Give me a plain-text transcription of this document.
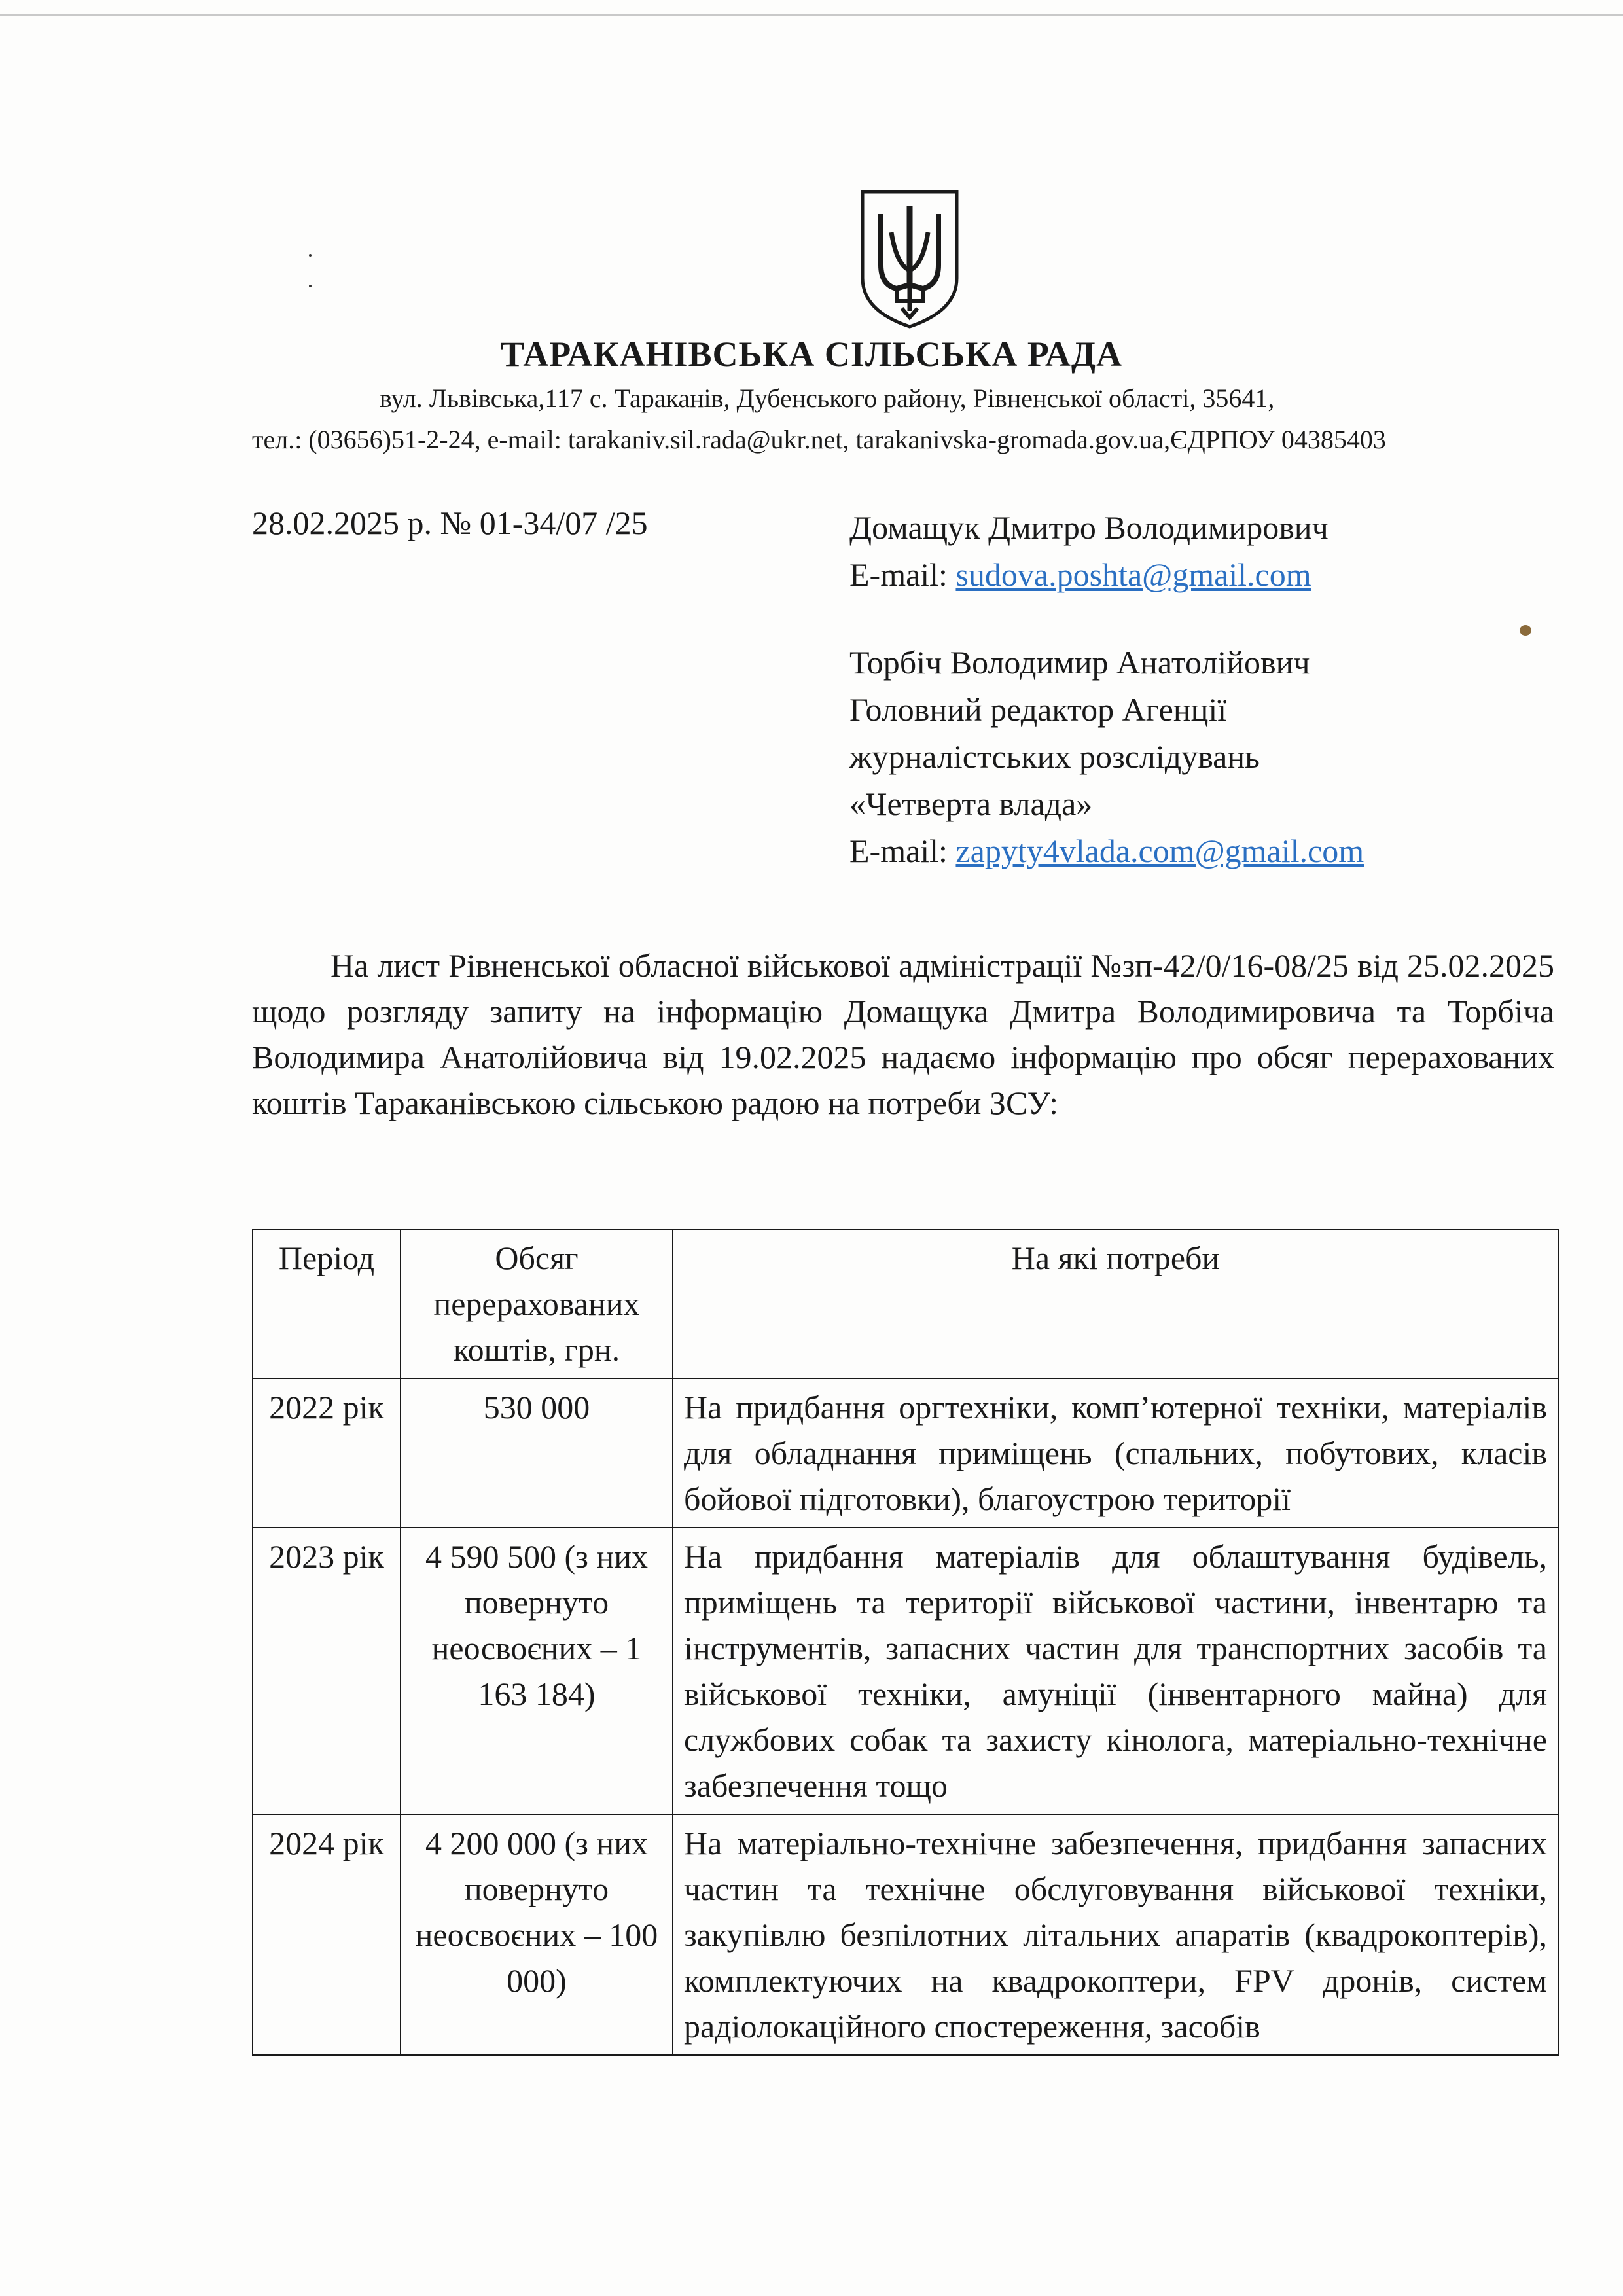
ТАРАКАНІВСЬКА СІЛЬСЬКА РАДА
вул. Львівська,117 с. Тараканів, Дубенського району, Рівненської області, 35641,
тел.: (03656)51-2-24, e-mail: tarakaniv.sil.rada@ukr.net, tarakanivska-gromada.gov.ua,ЄДРПОУ 04385403
28.02.2025 р. № 01-34/07 /25	Домащук Дмитро Володимирович
E-mail: sudova.poshta@gmail.com
Торбіч Володимир Анатолійович
Головний редактор Агенції
журналістських розслідувань
«Четверта влада»
E-mail: zapyty4vlada.com@gmail.com
На лист Рівненської обласної військової адміністрації №зп-42/0/16-08/25 від 25.02.2025 щодо розгляду запиту на інформацію Домащука Дмитра Володимировича та Торбіча Володимира Анатолійовича від 19.02.2025 надаємо інформацію про обсяг перерахованих коштів Тараканівською сільською радою на потреби ЗСУ:
Період	Обсяг перерахованих коштів, грн.	На які потреби
2022 рік	530 000	На придбання оргтехніки, комп’ютерної техніки, матеріалів для обладнання приміщень (спальних, побутових, класів бойової підготовки), благоустрою території
2023 рік	4 590 500 (з них повернуто неосвоєних – 1 163 184)	На придбання матеріалів для облаштування будівель, приміщень та території військової частини, інвентарю та інструментів, запасних частин для транспортних засобів та військової техніки, амуніції (інвентарного майна) для службових собак та захисту кінолога, матеріально-технічне забезпечення тощо
2024 рік	4 200 000 (з них повернуто неосвоєних – 100 000)	На матеріально-технічне забезпечення, придбання запасних частин та технічне обслуговування військової техніки, закупівлю безпілотних літальних апаратів (квадрокоптерів), комплектуючих на квадрокоптери, FPV дронів, систем радіолокаційного спостереження, засобів
